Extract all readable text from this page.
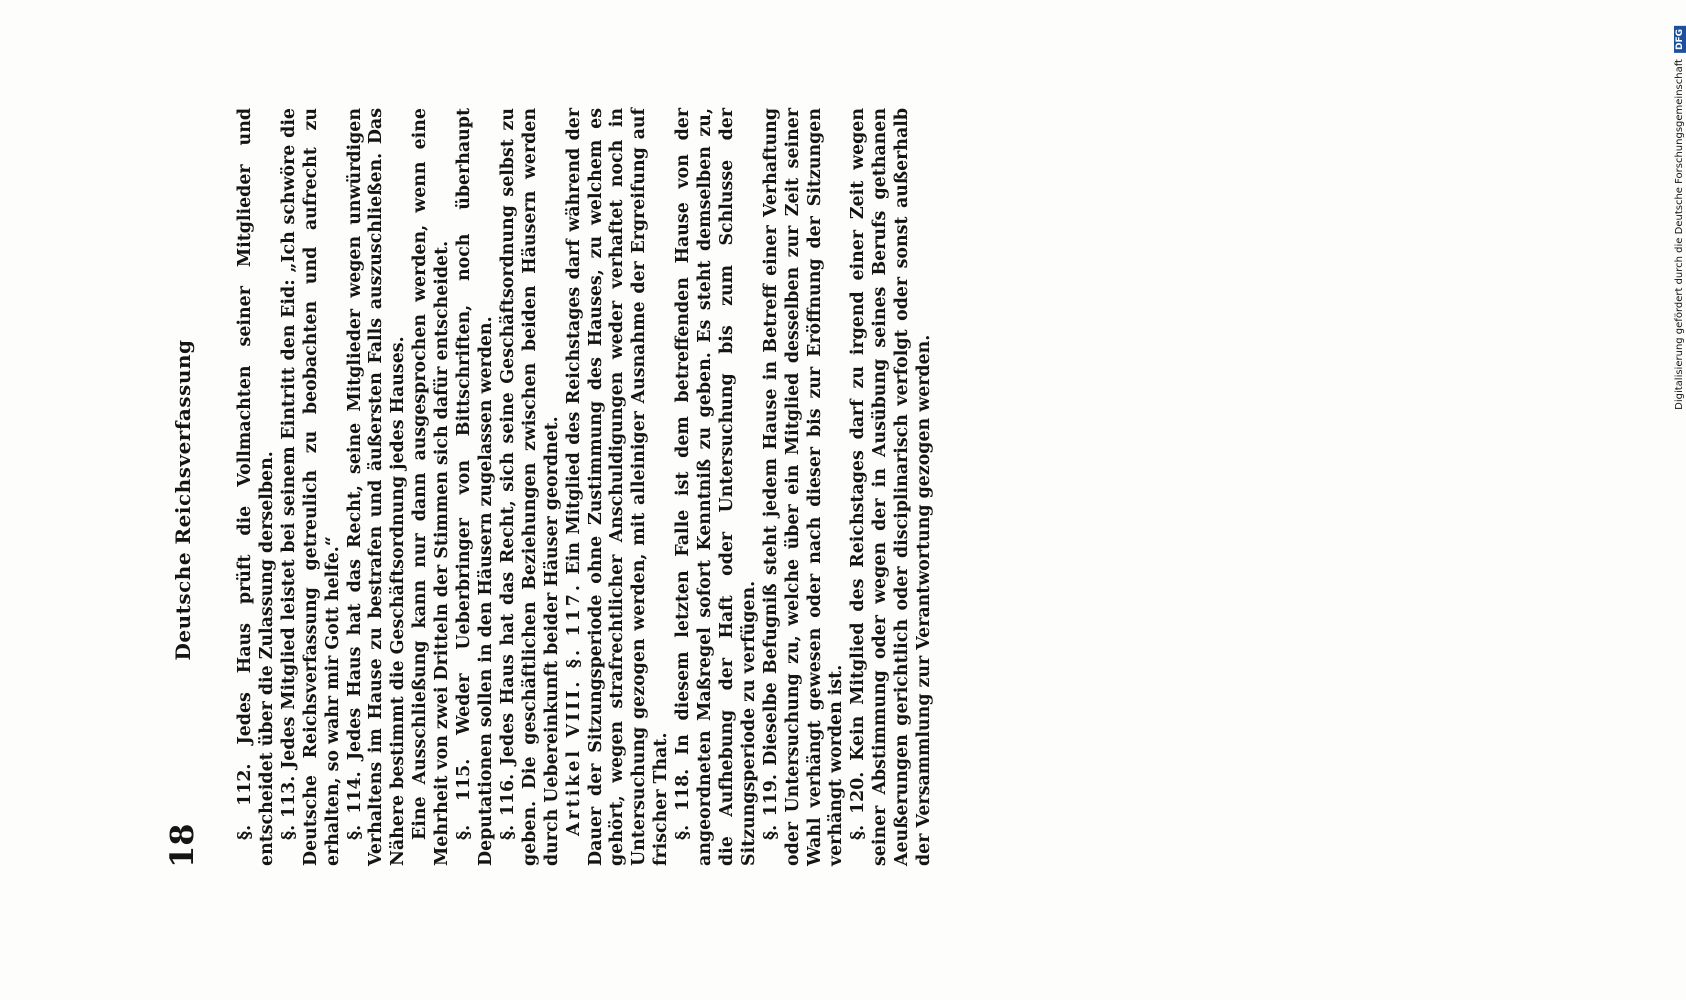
18
Deutsche Reichsverfassung

§. 112. Jedes Haus prüft die Vollmachten seiner Mitglieder und entscheidet über die Zulassung derselben. §. 113. Jedes Mitglied leistet bei seinem Eintritt den Eid: „Ich schwöre die Deutsche Reichsverfassung getreulich zu beobachten und aufrecht zu erhalten, so wahr mir Gott helfe.“ §. 114. Jedes Haus hat das Recht, seine Mitglieder wegen unwürdigen Verhaltens im Hause zu bestrafen und äußersten Falls auszuschließen. Das Nähere bestimmt die Geschäftsordnung jedes Hauses. Eine Ausschließung kann nur dann ausgesprochen werden, wenn eine Mehrheit von zwei Dritteln der Stimmen sich dafür entscheidet. §. 115. Weder Ueberbringer von Bittschriften, noch überhaupt Deputationen sollen in den Häusern zugelassen werden. §. 116. Jedes Haus hat das Recht, sich seine Geschäftsordnung selbst zu geben. Die geschäftlichen Beziehungen zwischen beiden Häusern werden durch Uebereinkunft beider Häuser geordnet. Artikel VIII. §. 117. Ein Mitglied des Reichstages darf während der Dauer der Sitzungsperiode ohne Zustimmung des Hauses, zu welchem es gehört, wegen strafrechtlicher Anschuldigungen weder verhaftet noch in Untersuchung gezogen werden, mit alleiniger Ausnahme der Ergreifung auf frischer That. §. 118. In diesem letzten Falle ist dem betreffenden Hause von der angeordneten Maßregel sofort Kenntniß zu geben. Es steht demselben zu, die Aufhebung der Haft oder Untersuchung bis zum Schlusse der Sitzungsperiode zu verfügen. §. 119. Dieselbe Befugniß steht jedem Hause in Betreff einer Verhaftung oder Untersuchung zu, welche über ein Mitglied desselben zur Zeit seiner Wahl verhängt gewesen oder nach dieser bis zur Eröffnung der Sitzungen verhängt worden ist. §. 120. Kein Mitglied des Reichstages darf zu irgend einer Zeit wegen seiner Abstimmung oder wegen der in Ausübung seines Berufs gethanen Aeußerungen gerichtlich oder disciplinarisch verfolgt oder sonst außerhalb der Versammlung zur Verantwortung gezogen werden.

Digitalisierung gefördert durch die Deutsche ForschungsgemeinschaftDFG
